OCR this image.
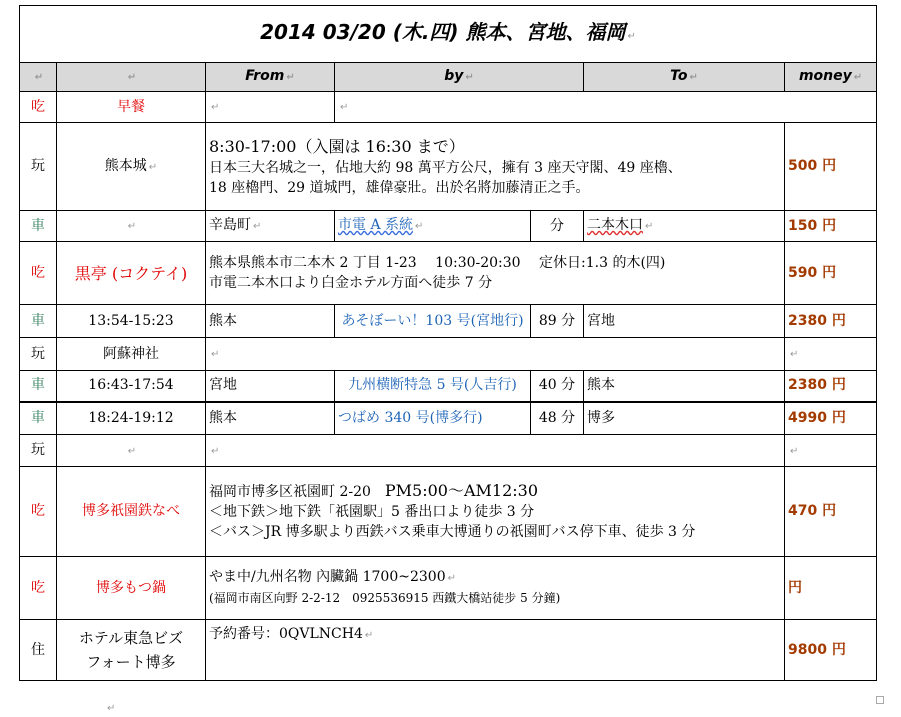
2014 03/20 (木.四) 熊本、宮地、福岡 ↵						
↵	↵	From ↵	by ↵		To ↵	money ↵
吃	早餐	↵	↵			
玩	熊本城 ↵	8:30-17:00（入園は 16:30 まで）
日本三大名城之一，佔地大約 98 萬平方公尺，擁有 3 座天守閣、49 座櫓、
18 座櫓門、29 道城門，雄偉豪壯。出於名將加藤清正之手。				500 円
車	↵	辛島町 ↵	市電 A 系統 ↵	分	二本木口 ↵	150 円
吃	黒亭 (コクテイ)	熊本県熊本市二本木 2 丁目 1-23　 10:30-20:30　 定休日:1.3 的木(四)
市電二本木口より白金ホテル方面へ徒歩 7 分				590 円
車	13:54-15:23	熊本	あそぼーい！103 号(宮地行)	89 分	宮地	2380 円
玩	阿蘇神社	↵				↵
車	16:43-17:54	宮地	九州横断特急 5 号(人吉行)	40 分	熊本	2380 円
車	18:24-19:12	熊本	つばめ 340 号(博多行)	48 分	博多	4990 円
玩	↵	↵				↵
吃	博多祇園鉄なべ	福岡市博多区祇園町 2-20　PM5:00～AM12:30
＜地下鉄＞地下鉄「祇園駅」5 番出口より徒歩 3 分
＜バス＞JR 博多駅より西鉄バス乗車大博通りの祇園町バス停下車、徒歩 3 分				470 円
吃	博多もつ鍋	やま中/九州名物 內臟鍋 1700~2300 ↵
(福岡市南区向野 2-2-12　0925536915 西鐵大橋站徒步 5 分鐘)				円
住	ホテル東急ビズ
フォート博多	予約番号：0QVLNCH4 ↵				9800 円
↵
